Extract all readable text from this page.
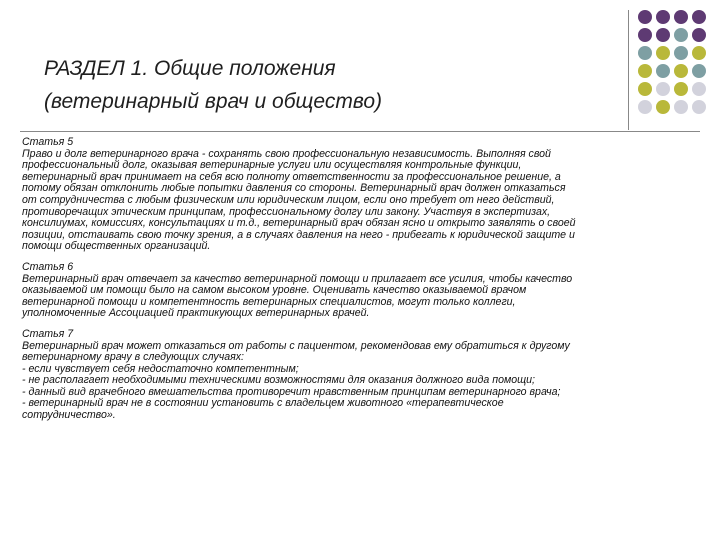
РАЗДЕЛ 1. Общие положения
(ветеринарный врач и общество)
Статья 5
Право и долг ветеринарного врача - сохранять свою профессиональную независимость. Выполняя свой
профессиональный долг, оказывая ветеринарные услуги или осуществляя контрольные функции,
ветеринарный врач принимает на себя всю полноту ответственности за профессиональное решение, а
потому обязан отклонить любые попытки давления со стороны. Ветеринарный врач должен отказаться
от сотрудничества с любым физическим или юридическим лицом, если оно требует от него действий,
противоречащих этическим принципам, профессиональному долгу или закону. Участвуя в экспертизах,
консилиумах, комиссиях, консультациях и т.д., ветеринарный врач обязан ясно и открыто заявлять о своей
позиции, отстаивать свою точку зрения, а в случаях давления на него - прибегать к юридической защите и
помощи общественных организаций.
Статья 6
Ветеринарный врач отвечает за качество ветеринарной помощи и прилагает все усилия, чтобы качество
оказываемой им помощи было на самом высоком уровне. Оценивать качество оказываемой врачом
ветеринарной помощи и компетентность ветеринарных специалистов, могут только коллеги,
уполномоченные Ассоциацией практикующих ветеринарных врачей.
Статья 7
Ветеринарный врач может отказаться от работы с пациентом, рекомендовав ему обратиться к другому
ветеринарному врачу в следующих случаях:
- если чувствует себя недостаточно компетентным;
- не располагает необходимыми техническими возможностями для оказания должного вида помощи;
- данный вид врачебного вмешательства противоречит нравственным принципам ветеринарного врача;
- ветеринарный врач не в состоянии установить с владельцем животного «терапевтическое
сотрудничество».
